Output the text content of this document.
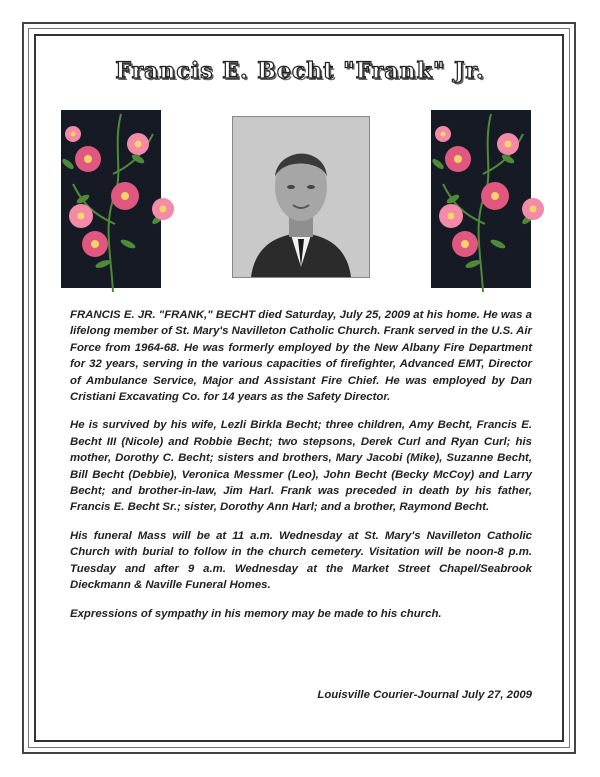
Francis E. Becht "Frank" Jr.

FRANCIS E. JR. "FRANK," BECHT died Saturday, July 25, 2009 at his home. He was a lifelong member of St. Mary's Navilleton Catholic Church. Frank served in the U.S. Air Force from 1964-68. He was formerly employed by the New Albany Fire Department for 32 years, serving in the various capacities of firefighter, Advanced EMT, Director of Ambulance Service, Major and Assistant Fire Chief. He was employed by Dan Cristiani Excavating Co. for 14 years as the Safety Director.

He is survived by his wife, Lezli Birkla Becht; three children, Amy Becht, Francis E. Becht III (Nicole) and Robbie Becht; two stepsons, Derek Curl and Ryan Curl; his mother, Dorothy C. Becht; sisters and brothers, Mary Jacobi (Mike), Suzanne Becht, Bill Becht (Debbie), Veronica Messmer (Leo), John Becht (Becky McCoy) and Larry Becht; and brother-in-law, Jim Harl. Frank was preceded in death by his father, Francis E. Becht Sr.; sister, Dorothy Ann Harl; and a brother, Raymond Becht.

His funeral Mass will be at 11 a.m. Wednesday at St. Mary's Navilleton Catholic Church with burial to follow in the church cemetery. Visitation will be noon-8 p.m. Tuesday and after 9 a.m. Wednesday at the Market Street Chapel/Seabrook Dieckmann & Naville Funeral Homes.

Expressions of sympathy in his memory may be made to his church.

Louisville Courier-Journal July 27, 2009
